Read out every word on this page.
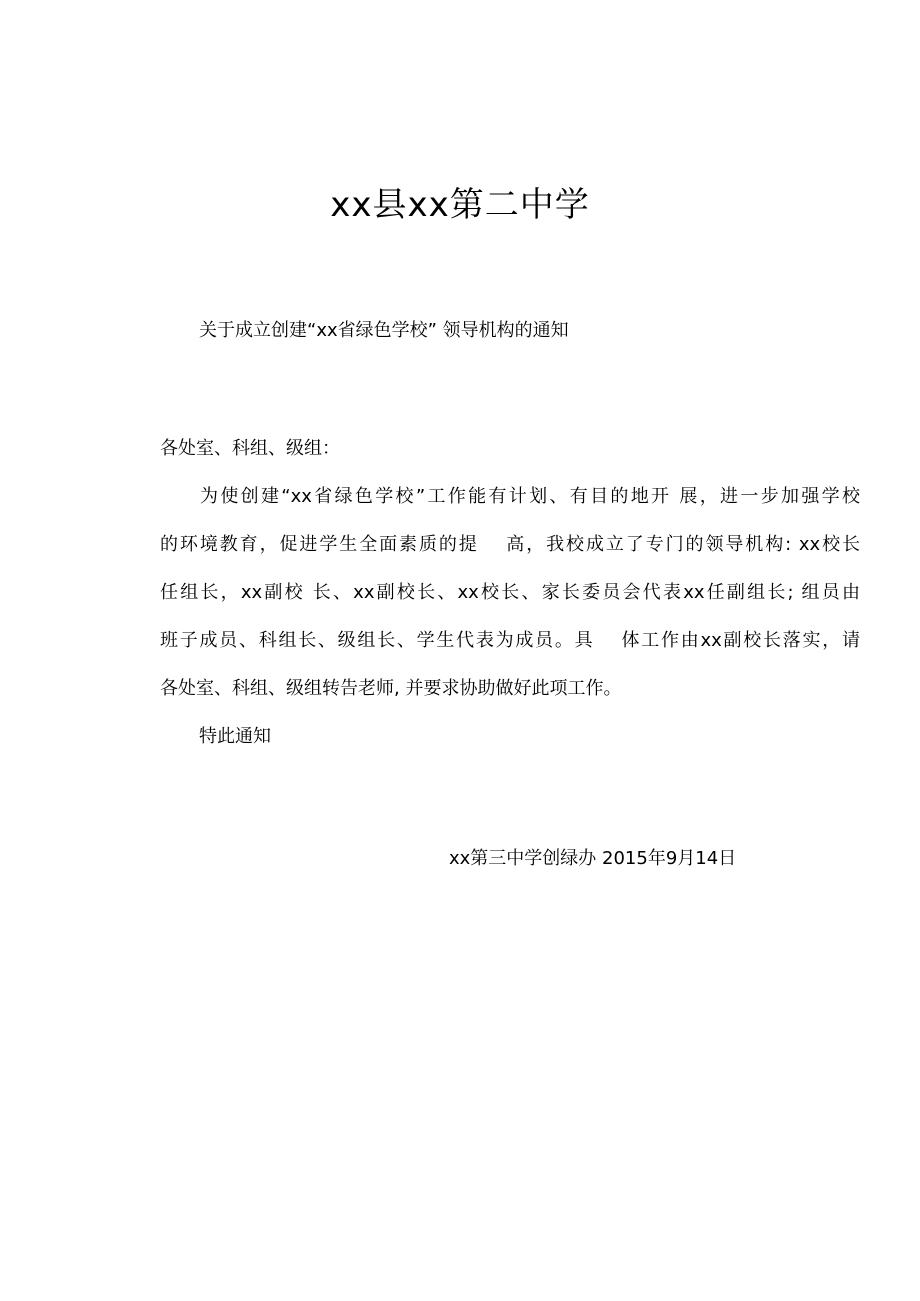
xx县xx第二中学
关于成立创建“xx省绿色学校” 领导机构的通知
各处室、科组、级组：
为使创建“xx省绿色学校”工作能有计划、有目的地开 展，进一步加强学校
的环境教育，促进学生全面素质的提　 高，我校成立了专门的领导机构: xx校长
任组长，xx副校 长、xx副校长、xx校长、家长委员会代表xx任副组长; 组员由
班子成员、科组长、级组长、学生代表为成员。具　 体工作由xx副校长落实，请
各处室、科组、级组转告老师, 并要求协助做好此项工作。
特此通知
xx第三中学创绿办 2015年9月14日
